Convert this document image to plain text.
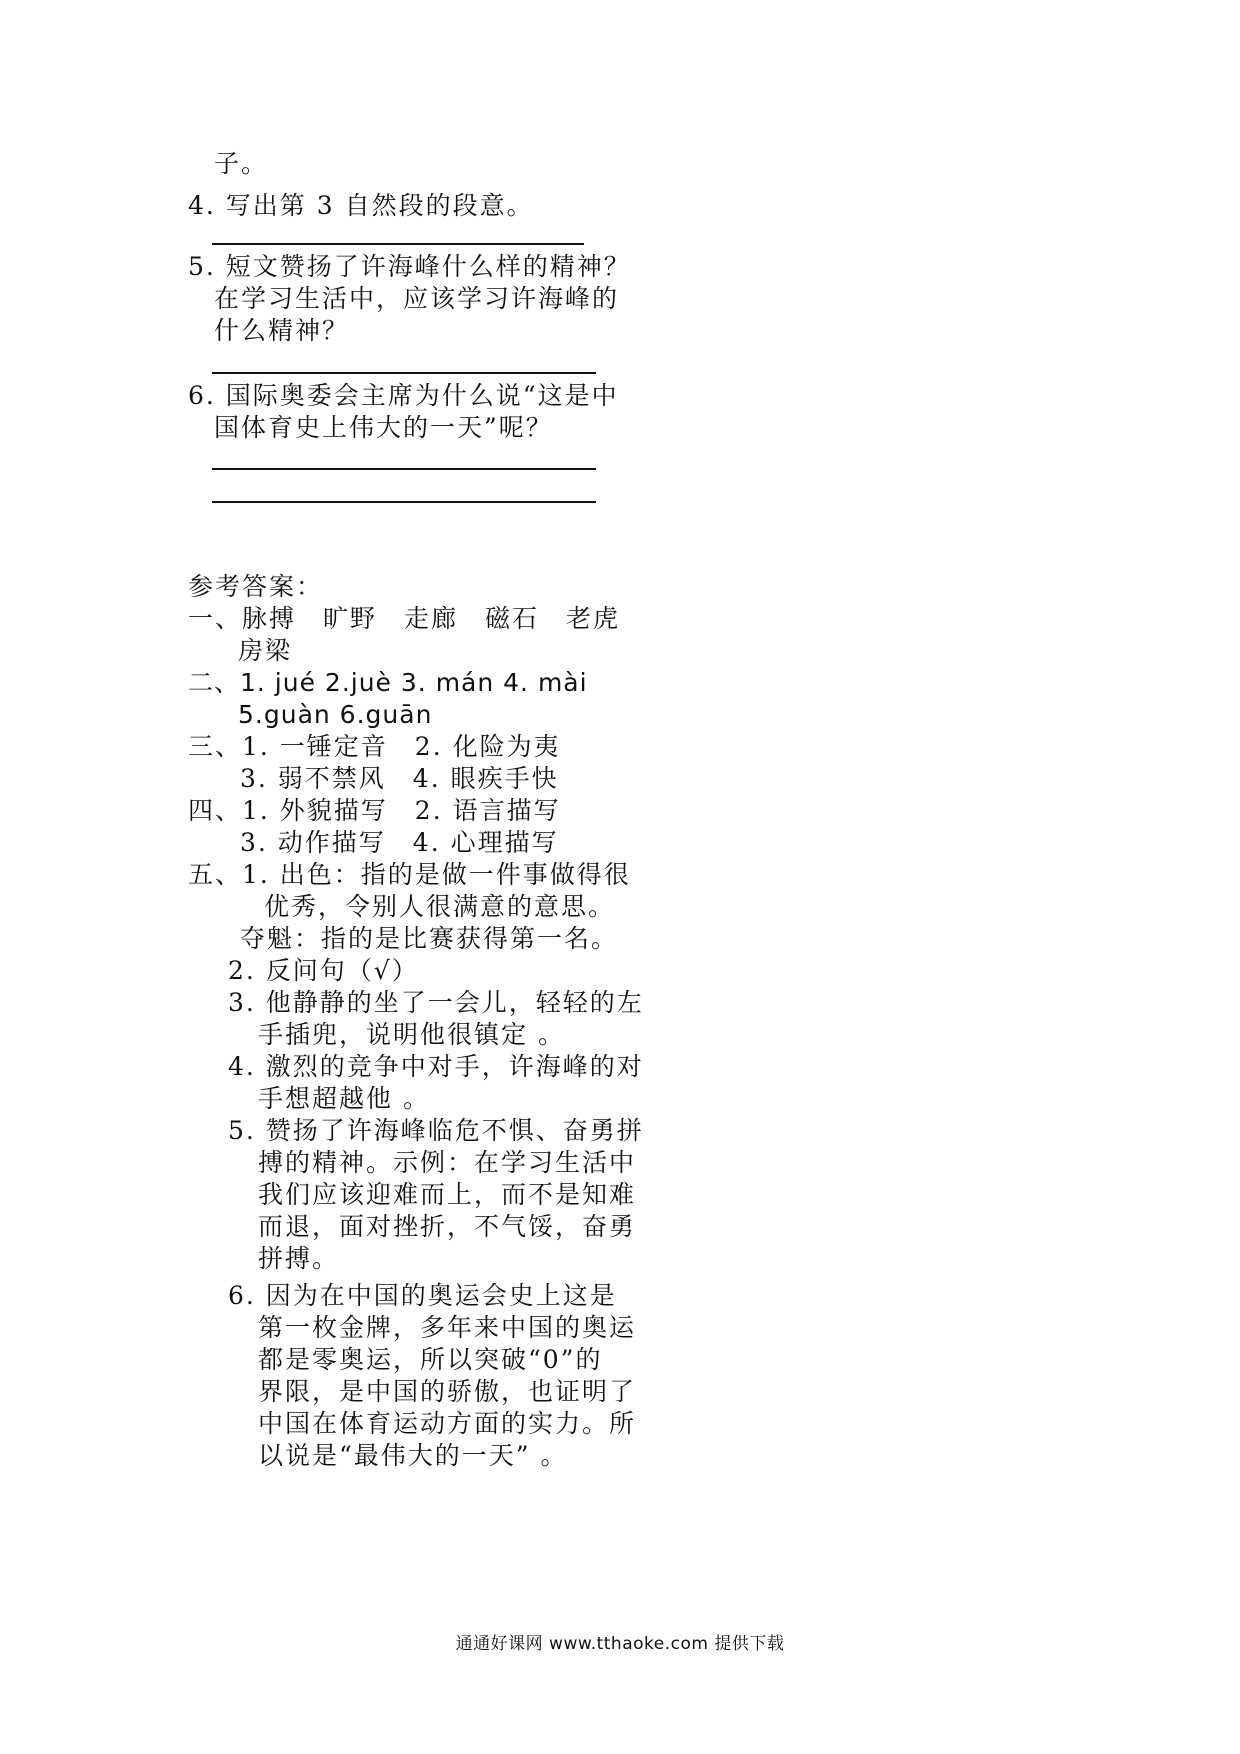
子。

4. 写出第 3 自然段的段意。

5. 短文赞扬了许海峰什么样的精神？

在学习生活中，应该学习许海峰的

什么精神？

6. 国际奥委会主席为什么说“这是中

国体育史上伟大的一天”呢？

参考答案：

一、脉搏　旷野　走廊　磁石　老虎

房梁

二、1. jué 2.juè 3. mán 4. mài

5.guàn 6.guān

三、1. 一锤定音　2. 化险为夷

3. 弱不禁风　4. 眼疾手快

四、1. 外貌描写　2. 语言描写

3. 动作描写　4. 心理描写

五、1. 出色：指的是做一件事做得很

优秀，令别人很满意的意思。

夺魁：指的是比赛获得第一名。

2. 反问句（√）

3. 他静静的坐了一会儿，轻轻的左

手插兜，说明他很镇定 。

4. 激烈的竞争中对手，许海峰的对

手想超越他 。

5. 赞扬了许海峰临危不惧、奋勇拼

搏的精神。示例：在学习生活中

我们应该迎难而上，而不是知难

而退，面对挫折，不气馁，奋勇

拼搏。

6. 因为在中国的奥运会史上这是

第一枚金牌，多年来中国的奥运

都是零奥运，所以突破“0”的

界限，是中国的骄傲，也证明了

中国在体育运动方面的实力。所

以说是“最伟大的一天” 。

通通好课网 www.tthaoke.com 提供下载
